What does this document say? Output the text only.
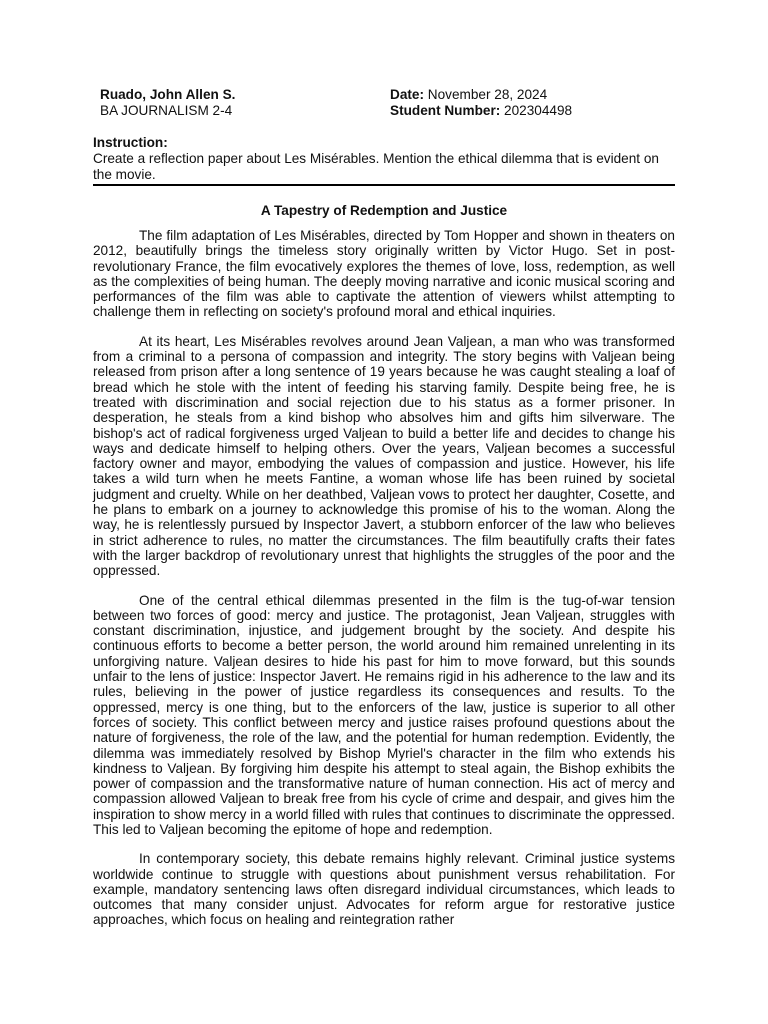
Ruado, John Allen S.
BA JOURNALISM 2-4
Date: November 28, 2024
Student Number: 202304498
Instruction:
Create a reflection paper about Les Misérables. Mention the ethical dilemma that is evident on the movie.
A Tapestry of Redemption and Justice

The film adaptation of Les Misérables, directed by Tom Hopper and shown in theaters on 2012, beautifully brings the timeless story originally written by Victor Hugo. Set in post-revolutionary France, the film evocatively explores the themes of love, loss, redemption, as well as the complexities of being human. The deeply moving narrative and iconic musical scoring and performances of the film was able to captivate the attention of viewers whilst attempting to challenge them in reflecting on society's profound moral and ethical inquiries.

At its heart, Les Misérables revolves around Jean Valjean, a man who was transformed from a criminal to a persona of compassion and integrity. The story begins with Valjean being released from prison after a long sentence of 19 years because he was caught stealing a loaf of bread which he stole with the intent of feeding his starving family. Despite being free, he is treated with discrimination and social rejection due to his status as a former prisoner. In desperation, he steals from a kind bishop who absolves him and gifts him silverware. The bishop's act of radical forgiveness urged Valjean to build a better life and decides to change his ways and dedicate himself to helping others. Over the years, Valjean becomes a successful factory owner and mayor, embodying the values of compassion and justice. However, his life takes a wild turn when he meets Fantine, a woman whose life has been ruined by societal judgment and cruelty. While on her deathbed, Valjean vows to protect her daughter, Cosette, and he plans to embark on a journey to acknowledge this promise of his to the woman. Along the way, he is relentlessly pursued by Inspector Javert, a stubborn enforcer of the law who believes in strict adherence to rules, no matter the circumstances. The film beautifully crafts their fates with the larger backdrop of revolutionary unrest that highlights the struggles of the poor and the oppressed.

One of the central ethical dilemmas presented in the film is the tug-of-war tension between two forces of good: mercy and justice. The protagonist, Jean Valjean, struggles with constant discrimination, injustice, and judgement brought by the society. And despite his continuous efforts to become a better person, the world around him remained unrelenting in its unforgiving nature. Valjean desires to hide his past for him to move forward, but this sounds unfair to the lens of justice: Inspector Javert. He remains rigid in his adherence to the law and its rules, believing in the power of justice regardless its consequences and results. To the oppressed, mercy is one thing, but to the enforcers of the law, justice is superior to all other forces of society. This conflict between mercy and justice raises profound questions about the nature of forgiveness, the role of the law, and the potential for human redemption. Evidently, the dilemma was immediately resolved by Bishop Myriel's character in the film who extends his kindness to Valjean. By forgiving him despite his attempt to steal again, the Bishop exhibits the power of compassion and the transformative nature of human connection. His act of mercy and compassion allowed Valjean to break free from his cycle of crime and despair, and gives him the inspiration to show mercy in a world filled with rules that continues to discriminate the oppressed. This led to Valjean becoming the epitome of hope and redemption.

In contemporary society, this debate remains highly relevant. Criminal justice systems worldwide continue to struggle with questions about punishment versus rehabilitation. For example, mandatory sentencing laws often disregard individual circumstances, which leads to outcomes that many consider unjust. Advocates for reform argue for restorative justice approaches, which focus on healing and reintegration rather
